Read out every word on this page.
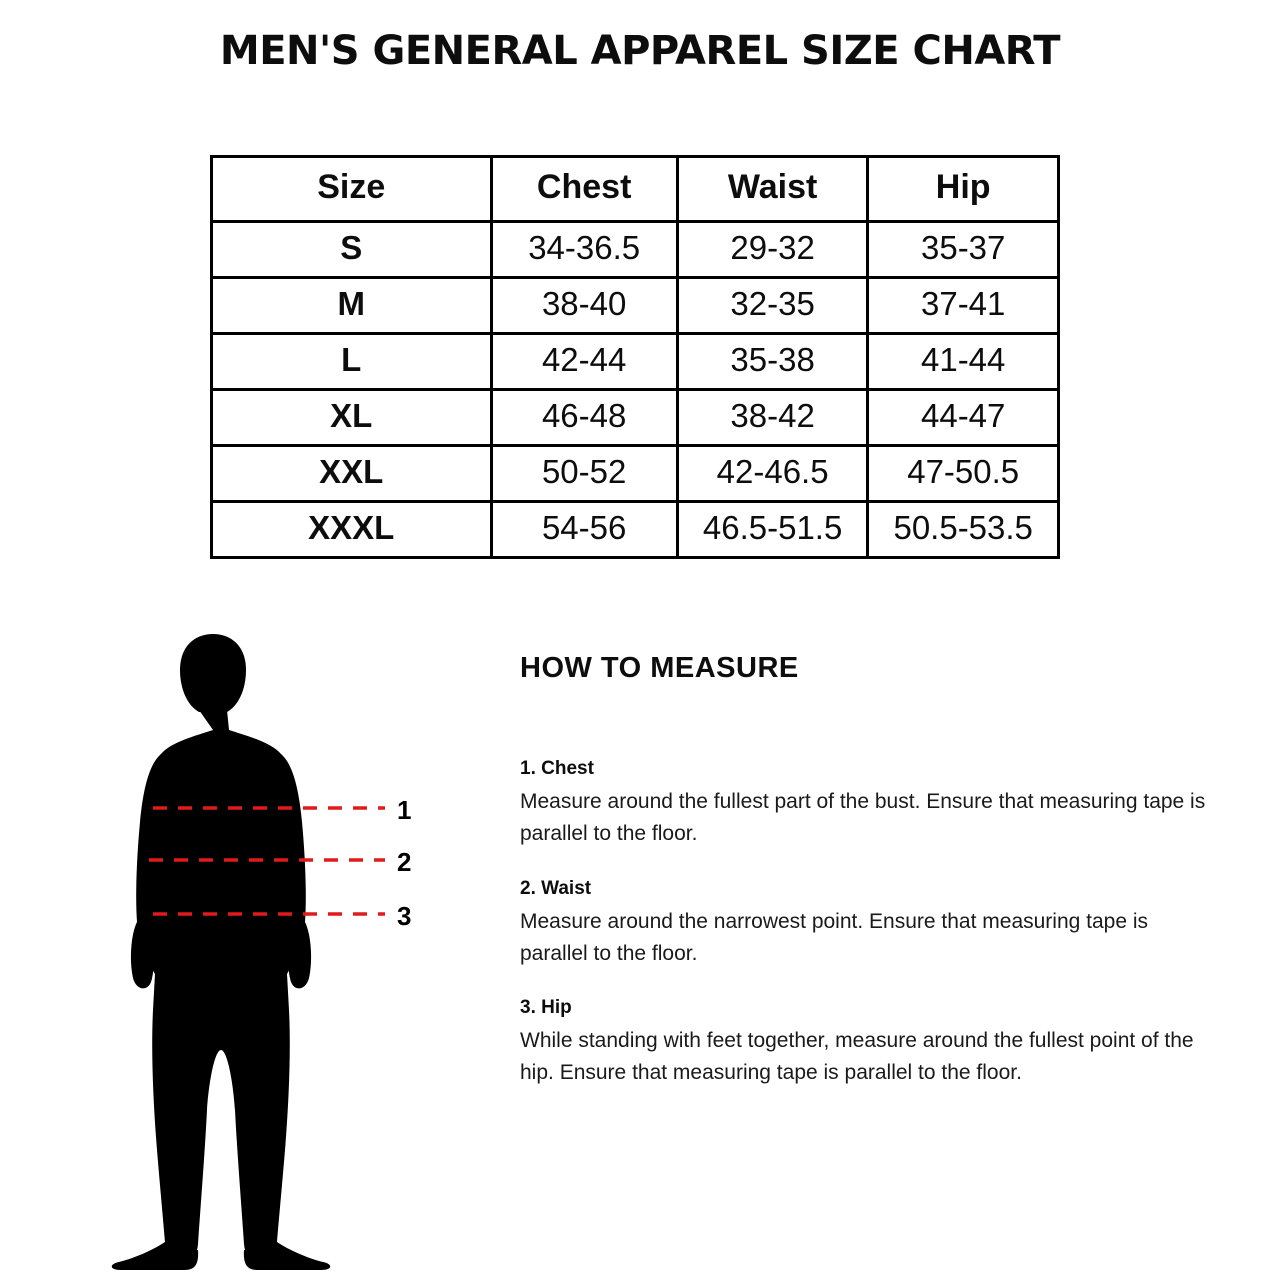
MEN'S GENERAL APPAREL SIZE CHART
Size	Chest	Waist	Hip
S	34-36.5	29-32	35-37
M	38-40	32-35	37-41
L	42-44	35-38	41-44
XL	46-48	38-42	44-47
XXL	50-52	42-46.5	47-50.5
XXXL	54-56	46.5-51.5	50.5-53.5
1
2
3
HOW TO MEASURE
1. Chest
Measure around the fullest part of the bust. Ensure that measuring tape is parallel to the floor.
2. Waist
Measure around the narrowest point. Ensure that measuring tape is parallel to the floor.
3. Hip
While standing with feet together, measure around the fullest point of the hip. Ensure that measuring tape is parallel to the floor.
